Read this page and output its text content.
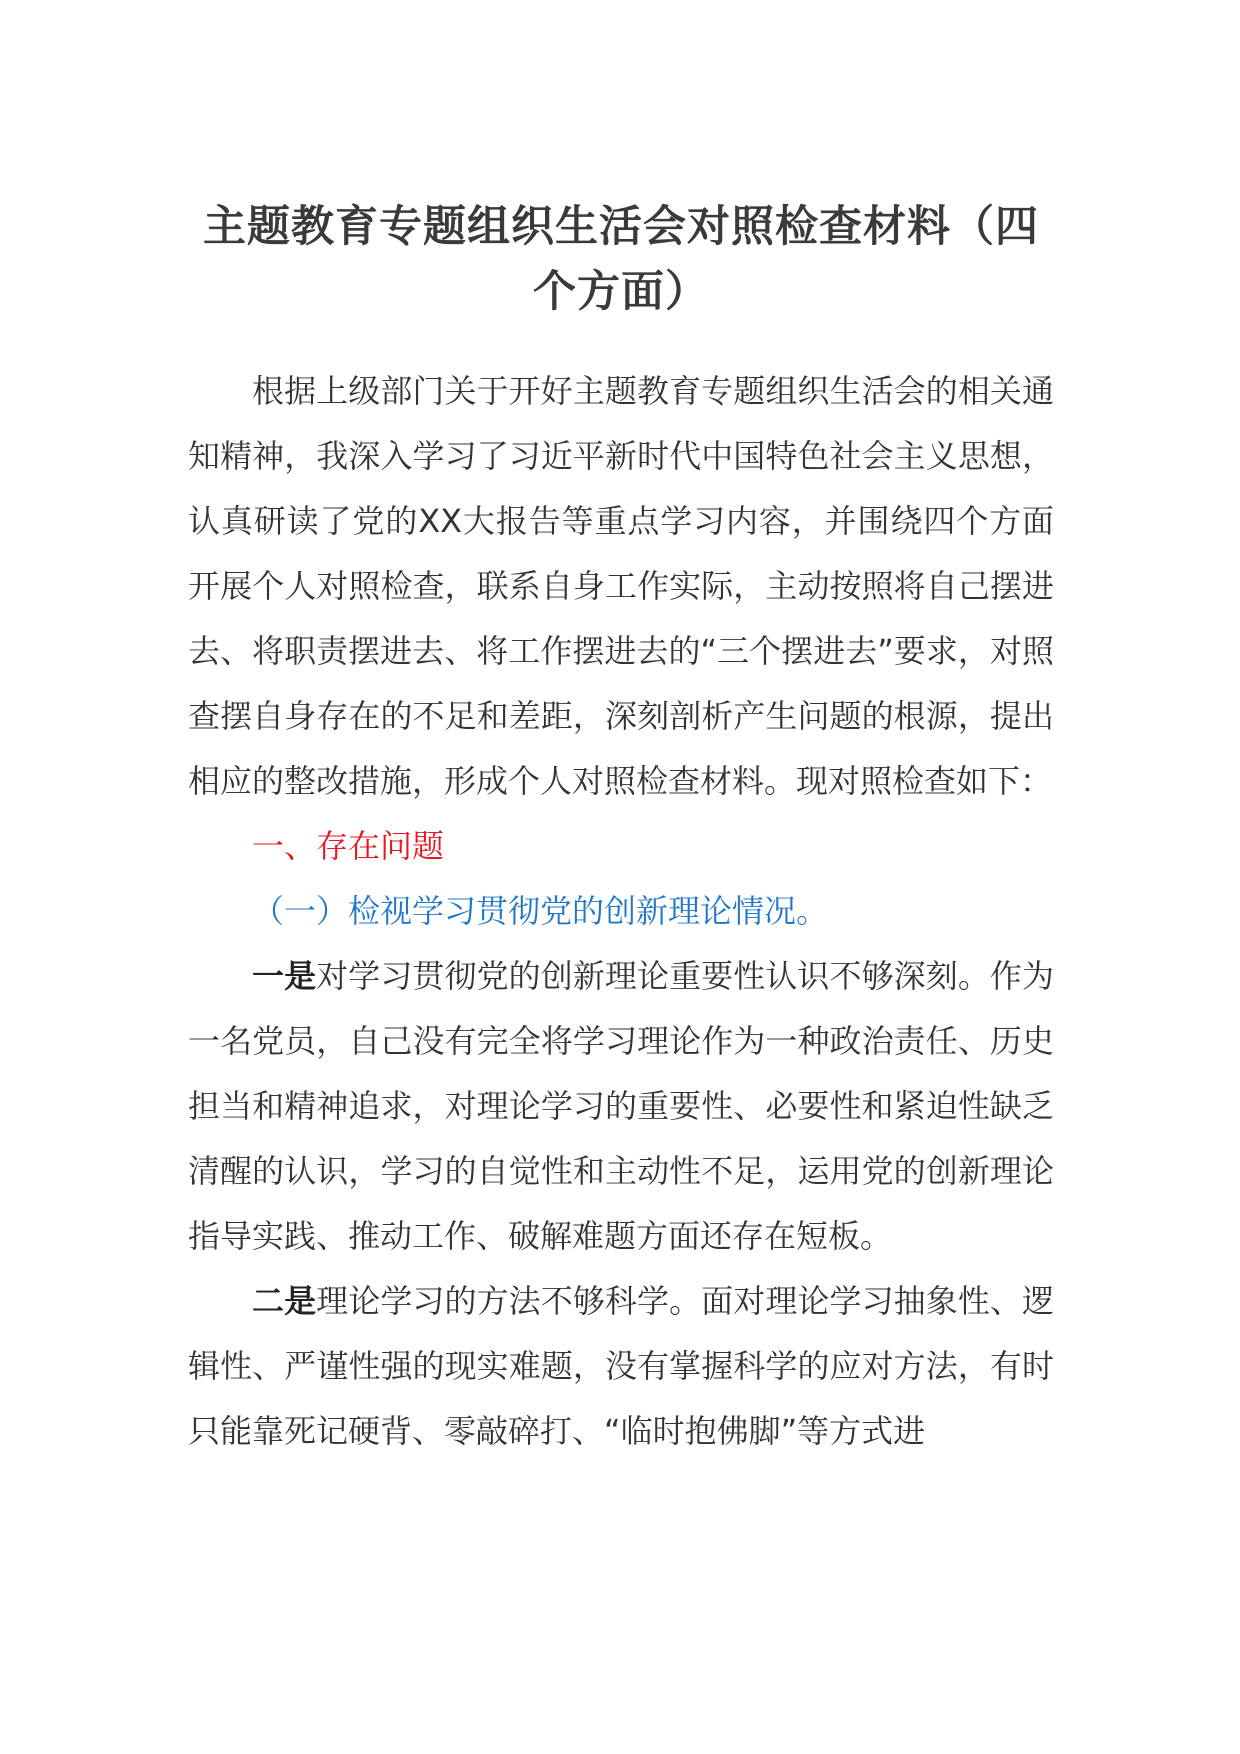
主题教育专题组织生活会对照检查材料（四个方面）

根据上级部门关于开好主题教育专题组织生活会的相关通知精神，我深入学习了习近平新时代中国特色社会主义思想，认真研读了党的XX大报告等重点学习内容，并围绕四个方面开展个人对照检查，联系自身工作实际，主动按照将自己摆进去、将职责摆进去、将工作摆进去的“三个摆进去”要求，对照查摆自身存在的不足和差距，深刻剖析产生问题的根源，提出相应的整改措施，形成个人对照检查材料。现对照检查如下：

一、存在问题

（一）检视学习贯彻党的创新理论情况。

一是对学习贯彻党的创新理论重要性认识不够深刻。作为一名党员，自己没有完全将学习理论作为一种政治责任、历史担当和精神追求，对理论学习的重要性、必要性和紧迫性缺乏清醒的认识，学习的自觉性和主动性不足，运用党的创新理论指导实践、推动工作、破解难题方面还存在短板。

二是理论学习的方法不够科学。面对理论学习抽象性、逻辑性、严谨性强的现实难题，没有掌握科学的应对方法，有时只能靠死记硬背、零敲碎打、“临时抱佛脚”等方式进
